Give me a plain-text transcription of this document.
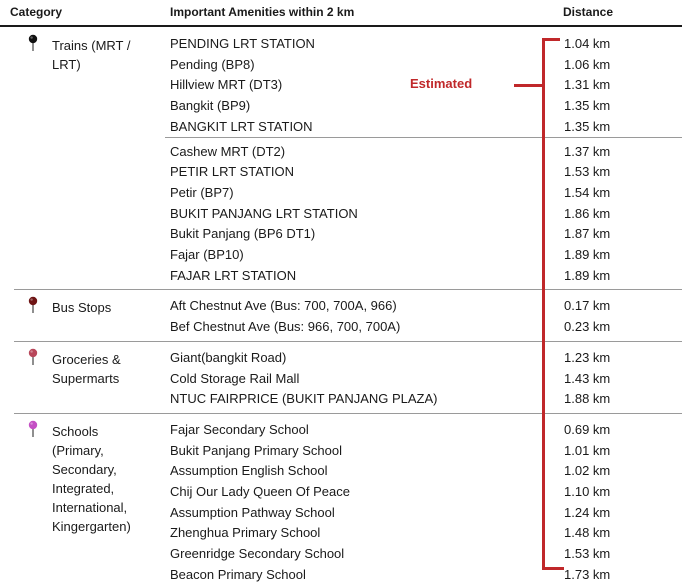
Category	Important Amenities within 2 km	Distance
Trains (MRT /
LRT)
PENDING LRT STATION	1.04 km
Pending (BP8)	1.06 km
Hillview MRT (DT3)	1.31 km
Bangkit (BP9)	1.35 km
BANGKIT LRT STATION	1.35 km
Cashew MRT (DT2)	1.37 km
PETIR LRT STATION	1.53 km
Petir (BP7)	1.54 km
BUKIT PANJANG LRT STATION	1.86 km
Bukit Panjang (BP6 DT1)	1.87 km
Fajar (BP10)	1.89 km
FAJAR LRT STATION	1.89 km
Bus Stops	Aft Chestnut Ave (Bus: 700, 700A, 966)	0.17 km
Bef Chestnut Ave (Bus: 966, 700, 700A)	0.23 km
Groceries &
Supermarts
Giant(bangkit Road)	1.23 km
Cold Storage Rail Mall	1.43 km
NTUC FAIRPRICE (BUKIT PANJANG PLAZA)	1.88 km
Schools
(Primary,
Secondary,
Integrated,
International,
Kingergarten)
Fajar Secondary School	0.69 km
Bukit Panjang Primary School	1.01 km
Assumption English School	1.02 km
Chij Our Lady Queen Of Peace	1.10 km
Assumption Pathway School	1.24 km
Zhenghua Primary School	1.48 km
Greenridge Secondary School	1.53 km
Beacon Primary School	1.73 km
Estimated
